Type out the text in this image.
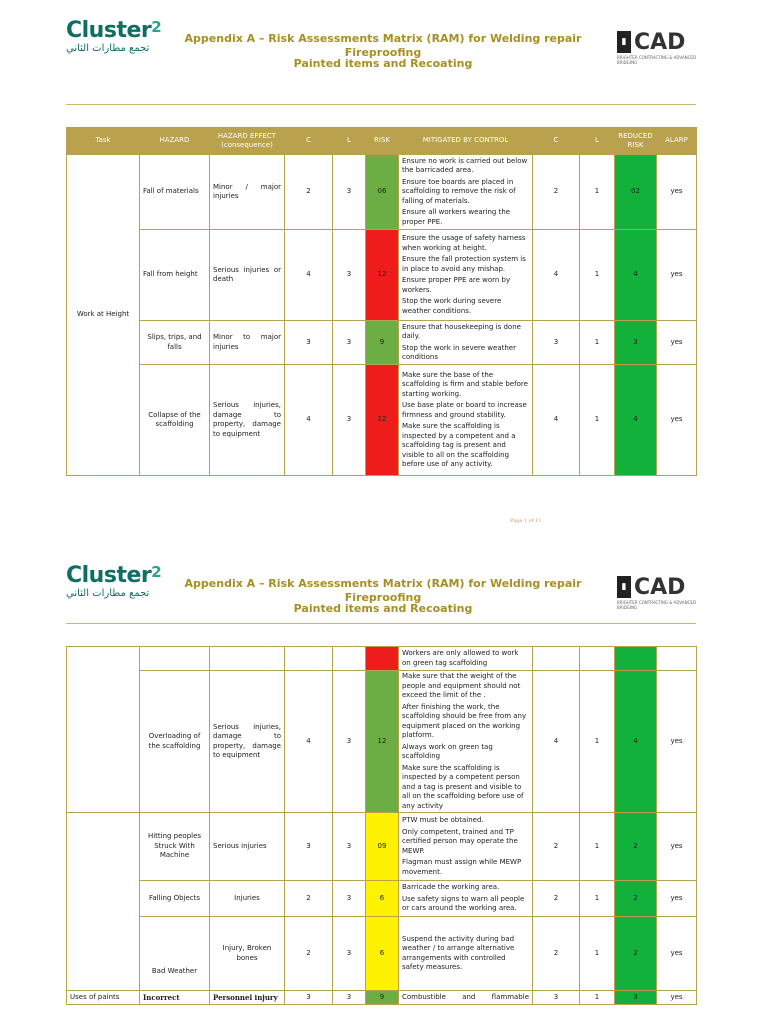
Cluster$^2$
تجمع مطارات الثاني
Appendix A – Risk Assessments Matrix (RAM) for Welding repair Fireproofing
Painted items and Recoating
▮ CAD
BRIGHTER CONTRACTING & ADVANCED BRIDGING
Task	HAZARD	HAZARD EFFECT (consequence)	C	L	RISK	MITIGATED BY CONTROL	C	L	REDUCED RISK	ALARP
Work at Height	Fall of materials	Minor / major injuries	2	3	06	Ensure no work is carried out below the barricaded area.

Ensure toe boards are placed in scaffolding to remove the risk of falling of materials.

Ensure all workers wearing the proper PPE.	2	1	02	yes
	Fall from height	Serious injuries or death	4	3	12	Ensure the usage of safety harness when working at height.

Ensure the fall protection system is in place to avoid any mishap.

Ensure proper PPE are worn by workers.

Stop the work during severe weather conditions.	4	1	4	yes
	Slips, trips, and falls	Minor to major injuries	3	3	9	Ensure that housekeeping is done daily.

Stop the work in severe weather conditions	3	1	3	yes
	Collapse of the scaffolding	Serious injuries, damage to property, damage to equipment	4	3	12	Make sure the base of the scaffolding is firm and stable before starting working.

Use base plate or board to increase firmness and ground stability.

Make sure the scaffolding is inspected by a competent and a scaffolding tag is present and visible to all on the scaffolding before use of any activity.	4	1	4	yes
Page 1 of 11
Cluster$^2$
تجمع مطارات الثاني
Appendix A – Risk Assessments Matrix (RAM) for Welding repair Fireproofing
Painted items and Recoating
▮ CAD
BRIGHTER CONTRACTING & ADVANCED BRIDGING

						Workers are only allowed to work on green tag scaffolding				

	Overloading of the scaffolding	Serious injuries, damage to property, damage to equipment	4	3	12	Make sure that the weight of the people and equipment should not exceed the limit of the .

After finishing the work, the scaffolding should be free from any equipment placed on the working platform.

Always work on green tag scaffolding

Make sure the scaffolding is inspected by a competent person and a tag is present and visible to all on the scaffolding before use of any activity	4	1	4	yes
	Hitting peoples Struck With Machine	Serious injuries	3	3	09	PTW must be obtained.

Only competent, trained and TP certified person may operate the MEWP.

Flagman must assign while MEWP movement.	2	1	2	yes
	Falling Objects	Injuries	2	3	6	Barricade the working area.

Use safety signs to warn all people or cars around the working area.	2	1	2	yes
	Bad Weather	Injury, Broken bones	2	3	6	Suspend the activity during bad weather / to arrange alternative arrangements with controlled safety measures.	2	1	2	yes
Uses of paints	Incorrect	Personnel injury	3	3	9	Combustible and flammable	3	1	3	yes
